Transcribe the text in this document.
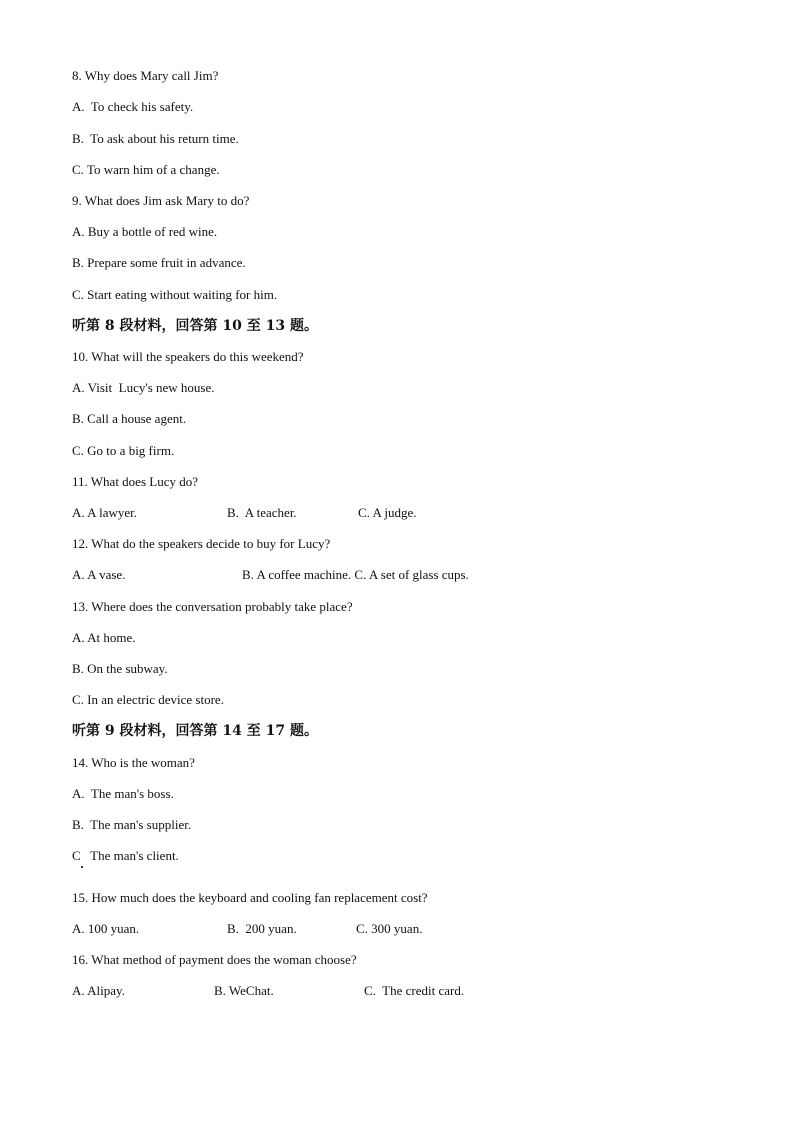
8. Why does Mary call Jim?
A.  To check his safety.
B.  To ask about his return time.
C. To warn him of a change.
9. What does Jim ask Mary to do?
A. Buy a bottle of red wine.
B. Prepare some fruit in advance.
C. Start eating without waiting for him.
听第 8 段材料，回答第 10 至 13 题。
10. What will the speakers do this weekend?
A. Visit  Lucy's new house.
B. Call a house agent.
C. Go to a big firm.
11. What does Lucy do?
A. A lawyer.	B.  A teacher.	C. A judge.
12. What do the speakers decide to buy for Lucy?
A. A vase.	B. A coffee machine. C. A set of glass cups.
13. Where does the conversation probably take place?
A. At home.
B. On the subway.
C. In an electric device store.
听第 9 段材料，回答第 14 至 17 题。
14. Who is the woman?
A.  The man's boss.
B.  The man's supplier.
C   The man's client.
15. How much does the keyboard and cooling fan replacement cost?
A. 100 yuan.	B.  200 yuan.	C. 300 yuan.
16. What method of payment does the woman choose?
A. Alipay.	B. WeChat.	C.  The credit card.
